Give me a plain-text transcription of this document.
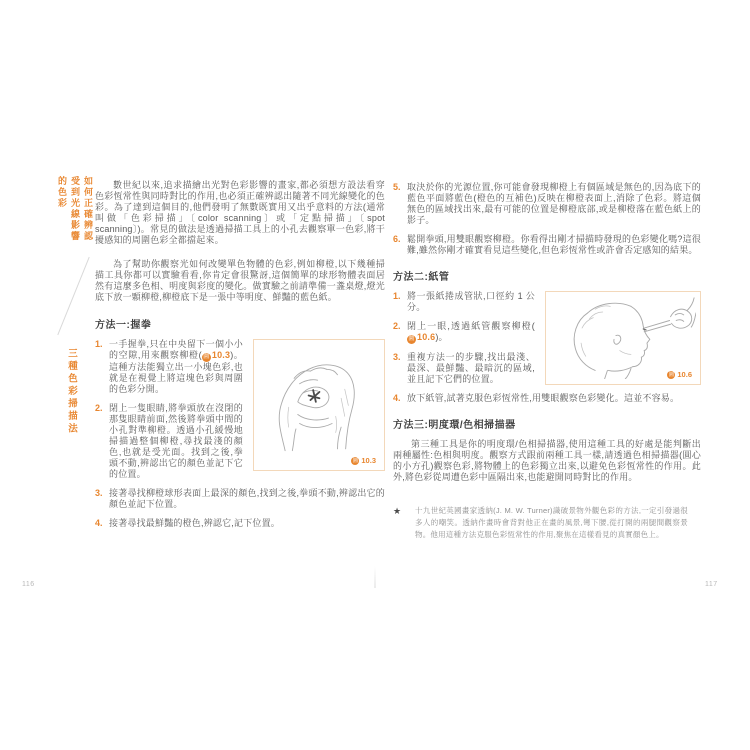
如何正確辨認
受到光線影響
的色彩
三種色彩掃描法

數世紀以來,追求描繪出光對色彩影響的畫家,都必須想方設法看穿色彩恆常性與同時對比的作用,也必須正確辨認出隨著不同光線變化的色彩。為了達到這個目的,他們發明了無數既實用又出乎意料的方法(通常叫做「色彩掃描」〔color scanning〕或「定點掃描」〔spot scanning〕)。常見的做法是透過掃描工具上的小孔去觀察單一色彩,將干擾感知的周圍色彩全都擋起來。

為了幫助你觀察光如何改變單色物體的色彩,例如柳橙,以下幾種掃描工具你都可以實驗看看,你肯定會很驚訝,這個簡單的球形物體表面居然有這麼多色相、明度與彩度的變化。做實驗之前請準備一盞桌燈,燈光底下放一顆柳橙,柳橙底下是一張中等明度、鮮豔的藍色紙。

方法一:握拳
1. 一手握拳,只在中央留下一個小小的空隙,用來觀察柳橙(圖 10.3)。這種方法能獨立出一小塊色彩,也就是在視覺上將這塊色彩與周圍的色彩分開。
2. 閉上一隻眼睛,將拳頭放在沒閉的那隻眼睛前面,然後將拳頭中間的小孔對準柳橙。透過小孔緩慢地掃描過整個柳橙,尋找最淺的顏色,也就是受光面。找到之後,拳頭不動,辨認出它的顏色並記下它的位置。
圖 10.3
3. 接著尋找柳橙球形表面上最深的顏色,找到之後,拳頭不動,辨認出它的顏色並記下位置。
4. 接著尋找最鮮豔的橙色,辨認它,記下位置。
5. 取決於你的光源位置,你可能會發現柳橙上有個區域是無色的,因為底下的藍色平面將藍色(橙色的互補色)反映在柳橙表面上,消除了色彩。將這個無色的區域找出來,最有可能的位置是柳橙底部,或是柳橙落在藍色紙上的影子。
6. 鬆開拳頭,用雙眼觀察柳橙。你看得出剛才掃描時發現的色彩變化嗎?這很難,雖然你剛才確實看見這些變化,但色彩恆常性或許會否定感知的結果。
方法二:紙管
1. 將一張紙捲成管狀,口徑約 1 公分。
2. 閉上一眼,透過紙管觀察柳橙(圖 10.6)。
3. 重複方法一的步驟,找出最淺、最深、最鮮豔、最暗沉的區域,並且記下它們的位置。	圖 10.6
4. 放下紙管,試著克服色彩恆常性,用雙眼觀察色彩變化。這並不容易。
方法三:明度環/色相掃描器

第三種工具是你的明度環/色相掃描器,使用這種工具的好處是能判斷出兩種屬性:色相與明度。觀察方式跟前兩種工具一樣,請透過色相掃描器(圓心的小方孔)觀察色彩,將物體上的色彩獨立出來,以避免色彩恆常性的作用。此外,將色彩從周遭色彩中區隔出來,也能避開同時對比的作用。

★	十九世紀英國畫家透納(J. M. W. Turner)識破景物外觀色彩的方法,一定引發過很多人的嘲笑。透納作畫時會背對他正在畫的風景,彎下腰,從打開的兩腿間觀察景物。他用這種方法克服色彩恆常性的作用,聚焦在這樣看見的真實顏色上。
116	117
